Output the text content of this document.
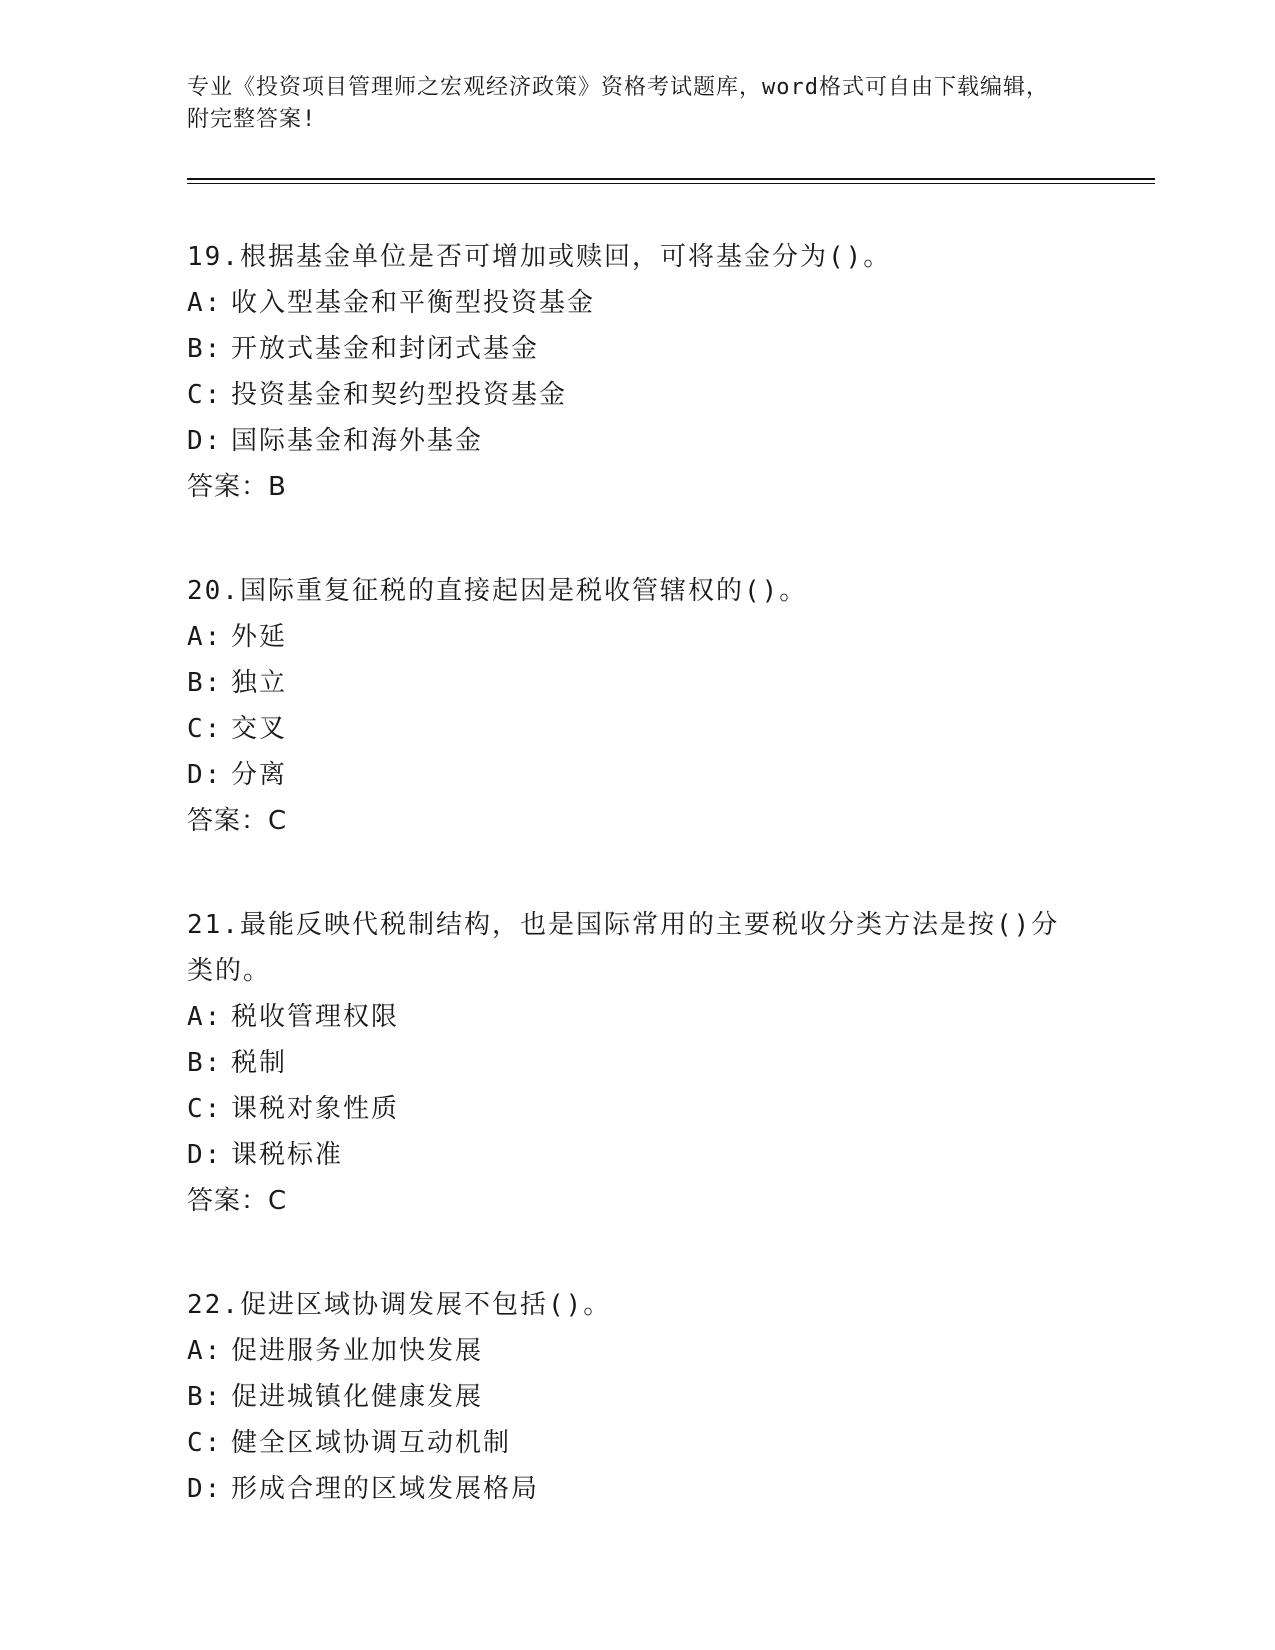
专业《投资项目管理师之宏观经济政策》资格考试题库，word格式可自由下载编辑，附完整答案!
19.根据基金单位是否可增加或赎回，可将基金分为()。
A: 收入型基金和平衡型投资基金
B: 开放式基金和封闭式基金
C: 投资基金和契约型投资基金
D: 国际基金和海外基金
答案：B
20.国际重复征税的直接起因是税收管辖权的()。
A: 外延
B: 独立
C: 交叉
D: 分离
答案：C
21.最能反映代税制结构，也是国际常用的主要税收分类方法是按()分类的。
A: 税收管理权限
B: 税制
C: 课税对象性质
D: 课税标准
答案：C
22.促进区域协调发展不包括()。
A: 促进服务业加快发展
B: 促进城镇化健康发展
C: 健全区域协调互动机制
D: 形成合理的区域发展格局
